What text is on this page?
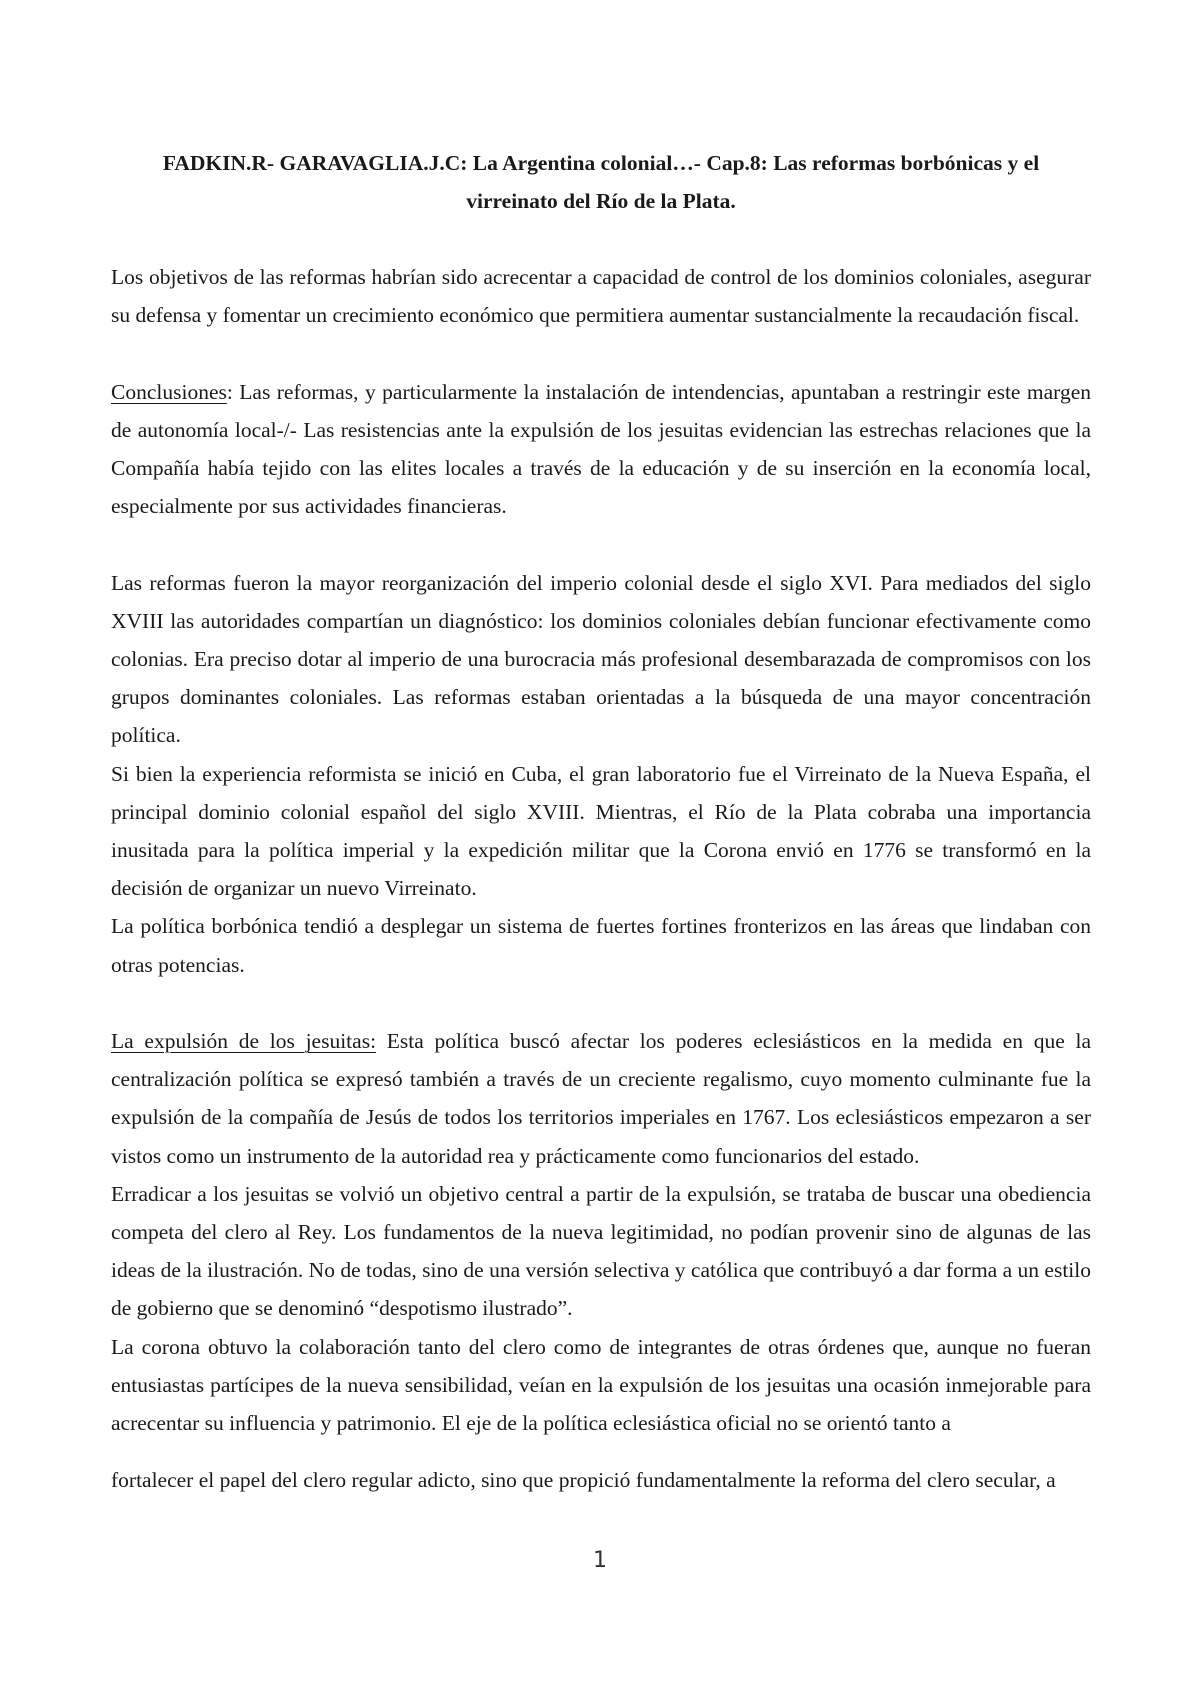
FADKIN.R- GARAVAGLIA.J.C: La Argentina colonial…- Cap.8: Las reformas borbónicas y el
virreinato del Río de la Plata.

Los objetivos de las reformas habrían sido acrecentar a capacidad de control de los dominios coloniales, asegurar su defensa y fomentar un crecimiento económico que permitiera aumentar sustancialmente la recaudación fiscal.

Conclusiones: Las reformas, y particularmente la instalación de intendencias, apuntaban a restringir este margen de autonomía local-/- Las resistencias ante la expulsión de los jesuitas evidencian las estrechas relaciones que la Compañía había tejido con las elites locales a través de la educación y de su inserción en la economía local, especialmente por sus actividades financieras.

Las reformas fueron la mayor reorganización del imperio colonial desde el siglo XVI. Para mediados del siglo XVIII las autoridades compartían un diagnóstico: los dominios coloniales debían funcionar efectivamente como colonias. Era preciso dotar al imperio de una burocracia más profesional desembarazada de compromisos con los grupos dominantes coloniales. Las reformas estaban orientadas a la búsqueda de una mayor concentración política.

Si bien la experiencia reformista se inició en Cuba, el gran laboratorio fue el Virreinato de la Nueva España, el principal dominio colonial español del siglo XVIII. Mientras, el Río de la Plata cobraba una importancia inusitada para la política imperial y la expedición militar que la Corona envió en 1776 se transformó en la decisión de organizar un nuevo Virreinato.

La política borbónica tendió a desplegar un sistema de fuertes fortines fronterizos en las áreas que lindaban con otras potencias.

La expulsión de los jesuitas: Esta política buscó afectar los poderes eclesiásticos en la medida en que la centralización política se expresó también a través de un creciente regalismo, cuyo momento culminante fue la expulsión de la compañía de Jesús de todos los territorios imperiales en 1767. Los eclesiásticos empezaron a ser vistos como un instrumento de la autoridad rea y prácticamente como funcionarios del estado.

Erradicar a los jesuitas se volvió un objetivo central a partir de la expulsión, se trataba de buscar una obediencia competa del clero al Rey. Los fundamentos de la nueva legitimidad, no podían provenir sino de algunas de las ideas de la ilustración. No de todas, sino de una versión selectiva y católica que contribuyó a dar forma a un estilo de gobierno que se denominó “despotismo ilustrado”.

La corona obtuvo la colaboración tanto del clero como de integrantes de otras órdenes que, aunque no fueran entusiastas partícipes de la nueva sensibilidad, veían en la expulsión de los jesuitas una ocasión inmejorable para acrecentar su influencia y patrimonio. El eje de la política eclesiástica oficial no se orientó tanto a

fortalecer el papel del clero regular adicto, sino que propició fundamentalmente la reforma del clero secular, a

1
